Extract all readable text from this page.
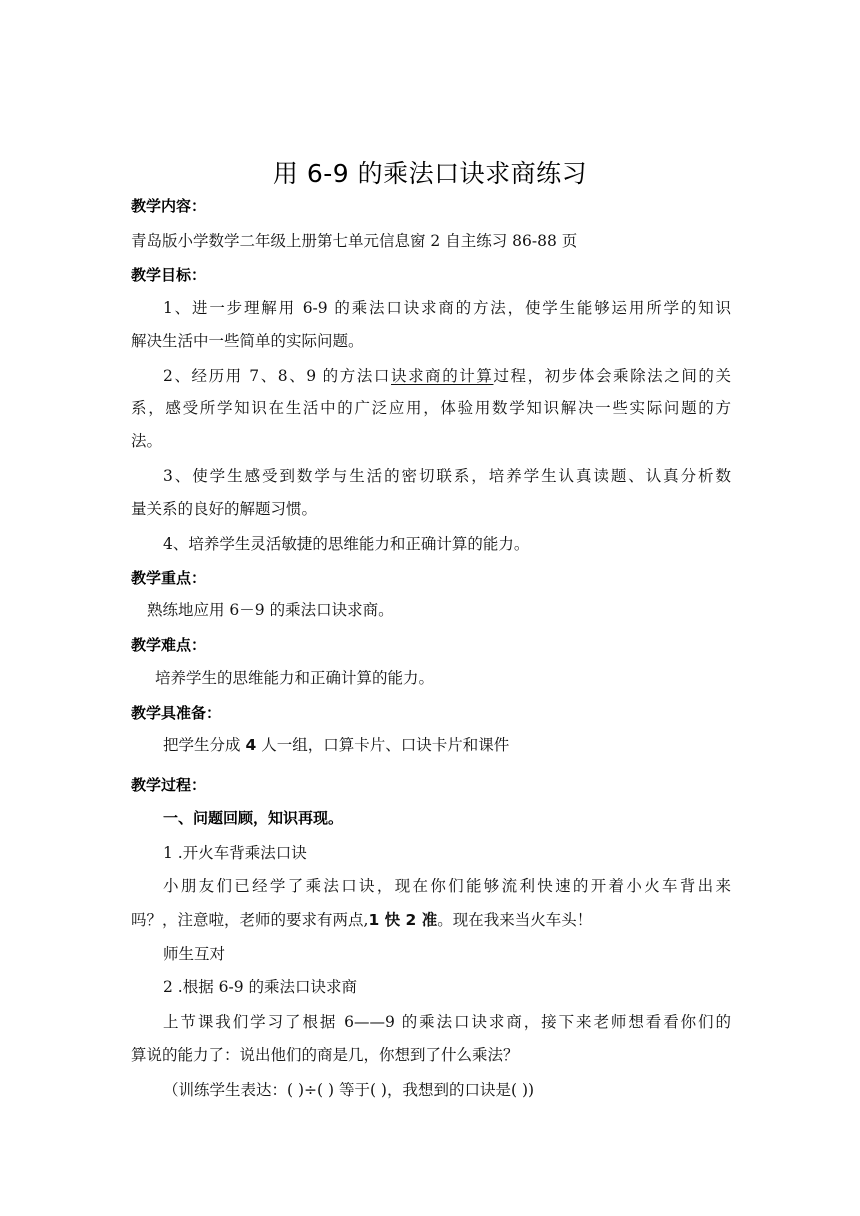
用 6-9 的乘法口诀求商练习
教学内容：
青岛版小学数学二年级上册第七单元信息窗 2 自主练习 86-88 页
教学目标：
1、进一步理解用 6-9 的乘法口诀求商的方法，使学生能够运用所学的知识
解决生活中一些简单的实际问题。
2、经历用 7、8、9 的方法口诀求商的计算过程，初步体会乘除法之间的关
系，感受所学知识在生活中的广泛应用，体验用数学知识解决一些实际问题的方
法。
3、使学生感受到数学与生活的密切联系，培养学生认真读题、认真分析数
量关系的良好的解题习惯。
4、培养学生灵活敏捷的思维能力和正确计算的能力。
教学重点：
熟练地应用 6－9 的乘法口诀求商。
教学难点：
培养学生的思维能力和正确计算的能力。
教学具准备：
把学生分成 4 人一组，口算卡片、口诀卡片和课件
教学过程：
一、问题回顾，知识再现。
1 .开火车背乘法口诀
小朋友们已经学了乘法口诀，现在你们能够流利快速的开着小火车背出来
吗？，注意啦，老师的要求有两点,1 快 2 准。现在我来当火车头！
师生互对
2 .根据 6-9 的乘法口诀求商
上节课我们学习了根据 6——9 的乘法口诀求商，接下来老师想看看你们的
算说的能力了：说出他们的商是几，你想到了什么乘法？
（训练学生表达：( )÷( ) 等于( )，我想到的口诀是( ))
